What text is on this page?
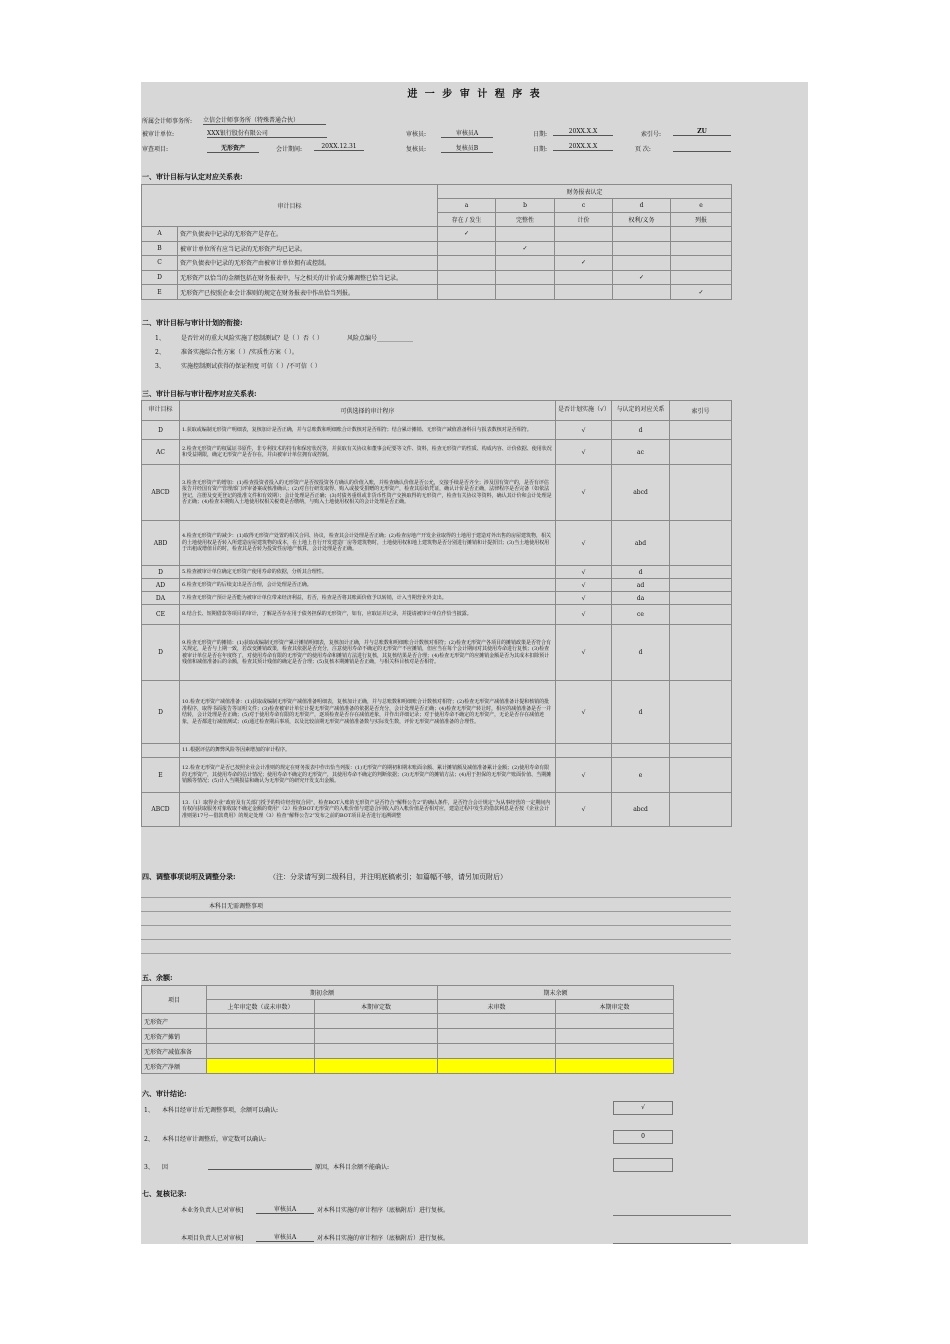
进 一 步 审 计 程 序 表
所属会计师事务所: 立信会计师事务所（特殊普通合伙）
被审计单位:	XXX银行股份有限公司	审核员:	审核员A	日期:	20XX.X.X	索引号:	ZU
审查项目:	无形资产	会计期间:	20XX.12.31	复核员:	复核员B	日期:	20XX.X.X	页 次:
一、审计目标与认定对应关系表:
审计目标		财务报表认定				
		a	b	c	d	e
		存在 / 发生	完整性	计价	权利/义务	列报
A	资产负债表中记录的无形资产是存在。	✓				
B	被审计单位所有应当记录的无形资产均已记录。		✓			
C	资产负债表中记录的无形资产由被审计单位拥有或控制。			✓		
D	无形资产以恰当的金额包括在财务报表中，与之相关的计价或分摊调整已恰当记录。				✓	
E	无形资产已按照企业会计准则的规定在财务报表中作出恰当列报。					✓
二、审计目标与审计计划的衔接:
1、	是否针对的重大风险实施了控制测试？是（ ）否（ ）	风险点编号____________
2、	准备实施综合性方案（ ）/实质性方案（ ）。
3、	实施控制测试获得的保证程度 可信（ ）/不可信（ ）
三、审计目标与审计程序对应关系表:
审计目标	可供选择的审计程序	是否计划实施（√）	与认定的对应关系	索引号
D	1.获取或编制无形资产明细表，复核加计是否正确，并与总账数和明细账合计数核对是否相符；结合累计摊销、无形资产减值准备科目与报表数核对是否相符。	√	d	
AC	2.检查无形资产的权属证书原件，非专利技术的持有和保密状况等，并获取有关协议和董事会纪要等文件、资料，检查无形资产的性质、构成内容、计价依据、使用状况和受益期限，确定无形资产是否存在，并由被审计单位拥有或控制。	√	ac	
ABCD	3.检查无形资产的增加：(1)检查投资者投入的无形资产是否按投资各方确认的价值入账，并检查确认价值是否公允，交接手续是否齐全；涉及国有资产的，是否有评估报告并经国有资产管理部门评审备案或核准确认；(2)对自行研发取得、购入或接受捐赠的无形资产，检查其原始凭证，确认计价是否正确，法律程序是否完备（如依法登记，注册及变更登记的批准文件和有效期）；会计处理是否正确；(3)对债务重组或非货币性资产交换取得的无形资产，检查有关协议等资料，确认其计价和会计处理是否正确；(4)检查本期购入土地使用权相关税费是否缴纳，与购入土地使用权相关的会计处理是否正确。	√	abcd	
ABD	4.检查无形资产的减少：(1)取得无形资产处置的相关合同、协议，检查其会计处理是否正确；(2)检查房地产开发企业取得的土地用于建造对外出售的房屋建筑物，相关的土地使用权是否转入所建造房屋建筑物的成本，在土地上自行开发建造厂房等建筑物时，土地使用权和地上建筑物是否分别进行摊销和计提折旧；(3)当土地使用权用于出租或增值目的时，检查其是否转为投资性房地产核算，会计处理是否正确。	√	abd	
D	5.检查被审计单位确定无形资产使用寿命的依据，分析其合理性。	√	d	
AD	6.检查无形资产的后续支出是否合理，会计处理是否正确。	√	ad	
DA	7.检查无形资产预计是否能为被审计单位带来经济利益，若否，检查是否将其账面价值予以转销，计入当期营业外支出。	√	da	
CE	8.结合长、短期借款等项目的审计，了解是否存在用于债务担保的无形资产，如有，应取证并记录，并提请被审计单位作恰当披露。	√	ce	
D	9.检查无形资产的摊销：(1)获取或编制无形资产累计摊销明细表，复核加计正确，并与总账数和明细账合计数核对相符；(2)检查无形资产各项目的摊销政策是否符合有关规定，是否与上期一致，若改变摊销政策，检查其依据是否充分，注意使用寿命不确定的无形资产不应摊销，但应当在每个会计期间对其使用寿命进行复核；(3)检查被审计单位是否在年度终了，对使用寿命有限的无形资产的使用寿命和摊销方法进行复核，其复核结果是否合理；(4)检查无形资产的应摊销金额是否为其成本扣除预计残值和减值准备后的余额，检查其预计残值的确定是否合理；(5)复核本期摊销是否正确，与相关科目核对是否相符。	√	d	
D	10.检查无形资产减值准备：(1)获取或编制无形资产减值准备明细表，复核加计正确，并与总账数和明细账合计数核对相符；(2)检查无形资产减值准备计提和核销的批准程序，取得书面报告等证明文件；(3)检查被审计单位计提无形资产减值准备的依据是否充分，会计处理是否正确；(4)检查无形资产转让时，相应的减值准备是否一并结转，会计处理是否正确；(5)对于使用寿命有限的无形资产，逐项检查是否存在减值迹象，并作出详细记录；对于使用寿命不确定的无形资产，无论是否存在减值迹象，是否都进行减值测试；(6)通过检查期后事项，以及比较前期无形资产减值准备数与实际发生数，评价无形资产减值准备的合理性。	√	d	
	11.根据评估的舞弊风险等因素增加的审计程序。			
E	12.检查无形资产是否已按照企业会计准则的规定在财务报表中作出恰当列报：(1)无形资产的期初和期末账面余额、累计摊销额及减值准备累计金额；(2)使用寿命有限的无形资产，其使用寿命的估计情况；使用寿命不确定的无形资产，其使用寿命不确定的判断依据；(3)无形资产的摊销方法；(4)用于担保的无形资产账面价值、当期摊销额等情况；(5)计入当期损益和确认为无形资产的研究开发支出金额。	√	e	
ABCD	13.（1）取得企业“政府及有关部门授予的特许经营权合同”，检查BOT入账的无形资产是否符合“解释公告2”的确认条件，是否符合会计规定“为从事经营的一定期间内有权向获取服务对象收取不确定金额的费用”（2）检查BOT无形资产的入帐价值与建造合同收入的入帐价值是否相对应，建造过程中发生的借款利息是否按《企业会计准则第17号—借款费用》的规定处理（3）检查“解释公告2”发布之前的BOT项目是否进行追溯调整	√	abcd	
四、调整事项说明及调整分录:	（注：分录请写到二级科目，并注明底稿索引；如篇幅不够，请另加页附后）
本科目无需调整事项
五、余额:
项目	期初余额		期末余额	
	上年审定数（或未审数）	本期审定数	未审数	本期审定数
无形资产				
无形资产摊销				
无形资产减值准备				
无形资产净额				
六、审计结论:
1、 本科目经审计后无调整事项，余额可以确认:	√
2、 本科目经审计调整后，审定数可以确认:	0
3、 因	原因，本科目余额不能确认:
七、复核记录:
本业务负责人已对审核]	审核员A	对本科目实施的审计程序（底稿附后）进行复核。
本项目负责人已对审核]	审核员A	对本科目实施的审计程序（底稿附后）进行复核。
